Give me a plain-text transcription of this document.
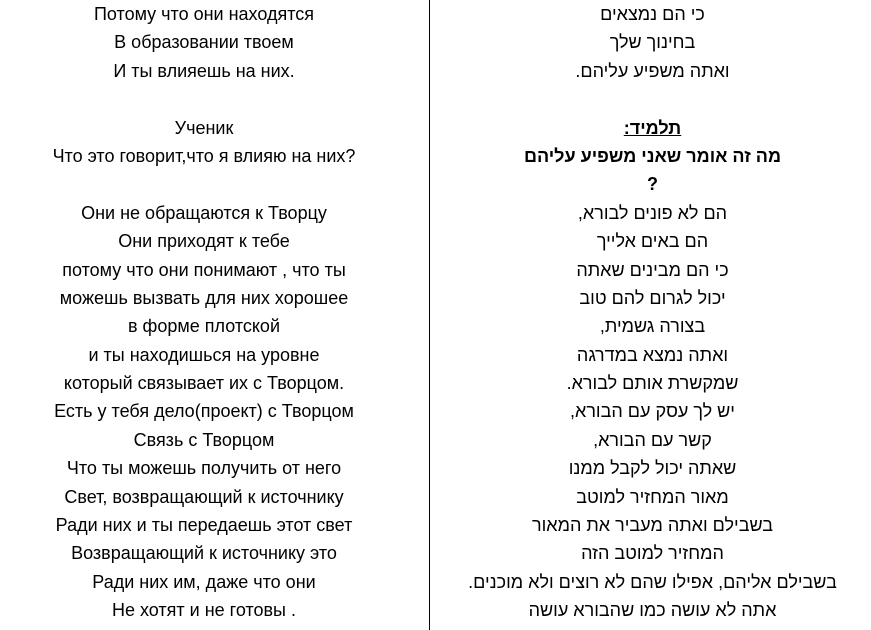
Потому что они находятся
В образовании твоем
И ты влияешь на них.
Ученик
Что это говорит,что я влияю на них?
Они не обращаются к Творцу
Они приходят к тебе
потому что они понимают , что ты
можешь вызвать для них хорошее
в форме плотской
и ты находишься на уровне
который связывает их с Творцом.
Есть у тебя дело(проект) с Творцом
Связь с Творцом
Что ты можешь получить от него
Свет, возвращающий к источнику
Ради них и ты передаешь этот свет
Возвращающий к источнику это
Ради них им, даже что они
Не хотят и не готовы .
כי הם נמצאים
בחינוך שלך
ואתה משפיע עליהם.
תלמיד:
מה זה אומר שאני משפיע עליהם
?
הם לא פונים לבורא,
הם באים אלייך
כי הם מבינים שאתה
יכול לגרום להם טוב
בצורה גשמית,
ואתה נמצא במדרגה
שמקשרת אותם לבורא.
יש לך עסק עם הבורא,
קשר עם הבורא,
שאתה יכול לקבל ממנו
מאור המחזיר למוטב
בשבילם ואתה מעביר את המאור
המחזיר למוטב הזה
בשבילם אליהם, אפילו שהם לא רוצים ולא מוכנים.
אתה לא עושה כמו שהבורא עושה
